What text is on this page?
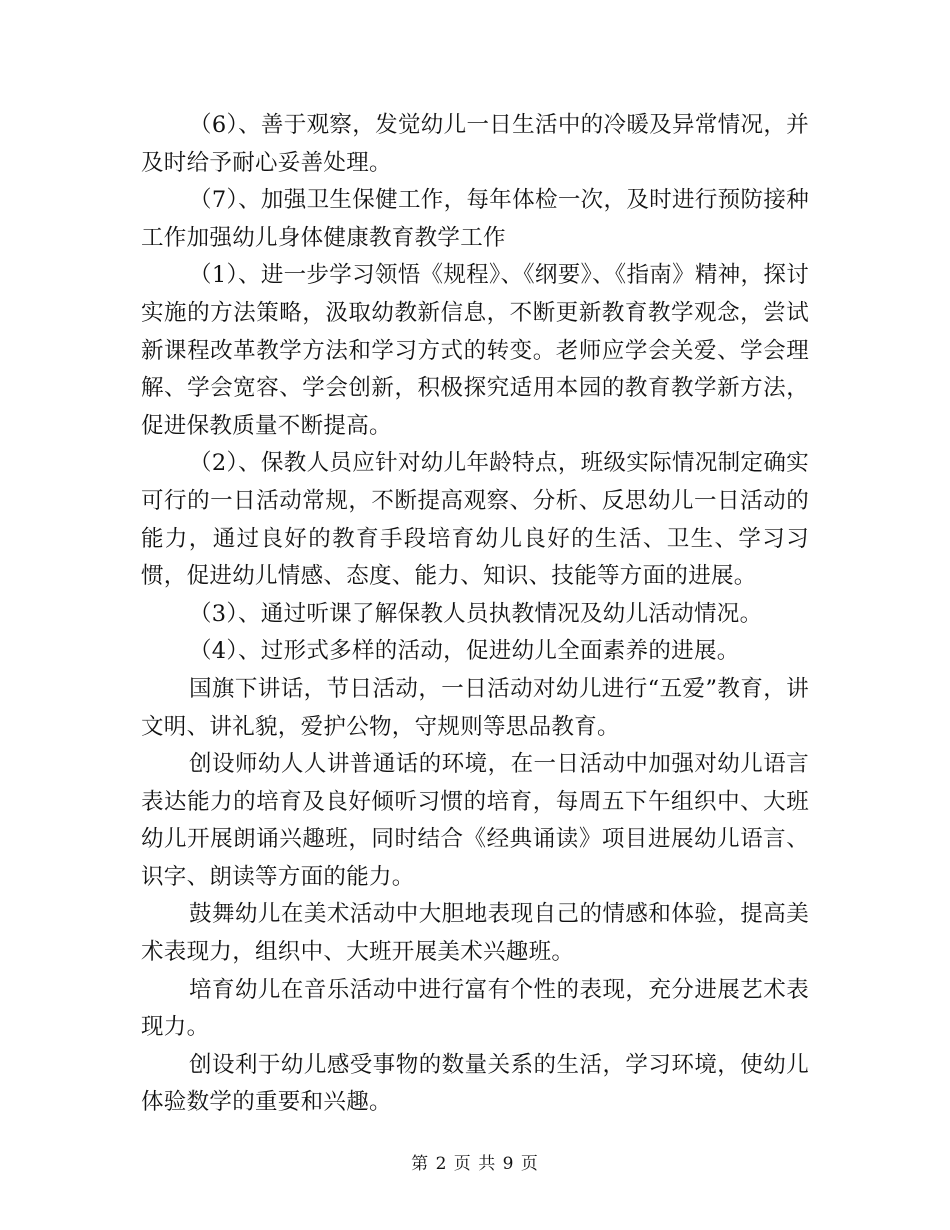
（6）、善于观察，发觉幼儿一日生活中的冷暖及异常情况，并及时给予耐心妥善处理。

（7）、加强卫生保健工作，每年体检一次，及时进行预防接种工作加强幼儿身体健康教育教学工作

（1）、进一步学习领悟《规程》、《纲要》、《指南》精神，探讨实施的方法策略，汲取幼教新信息，不断更新教育教学观念，尝试新课程改革教学方法和学习方式的转变。老师应学会关爱、学会理解、学会宽容、学会创新，积极探究适用本园的教育教学新方法，促进保教质量不断提高。

（2）、保教人员应针对幼儿年龄特点，班级实际情况制定确实可行的一日活动常规，不断提高观察、分析、反思幼儿一日活动的能力，通过良好的教育手段培育幼儿良好的生活、卫生、学习习惯，促进幼儿情感、态度、能力、知识、技能等方面的进展。

（3）、通过听课了解保教人员执教情况及幼儿活动情况。

（4）、过形式多样的活动，促进幼儿全面素养的进展。

国旗下讲话，节日活动，一日活动对幼儿进行“五爱”教育，讲文明、讲礼貌，爱护公物，守规则等思品教育。

创设师幼人人讲普通话的环境，在一日活动中加强对幼儿语言表达能力的培育及良好倾听习惯的培育，每周五下午组织中、大班幼儿开展朗诵兴趣班，同时结合《经典诵读》项目进展幼儿语言、识字、朗读等方面的能力。

鼓舞幼儿在美术活动中大胆地表现自己的情感和体验，提高美术表现力，组织中、大班开展美术兴趣班。

培育幼儿在音乐活动中进行富有个性的表现，充分进展艺术表现力。

创设利于幼儿感受事物的数量关系的生活，学习环境，使幼儿体验数学的重要和兴趣。

第 2 页 共 9 页
